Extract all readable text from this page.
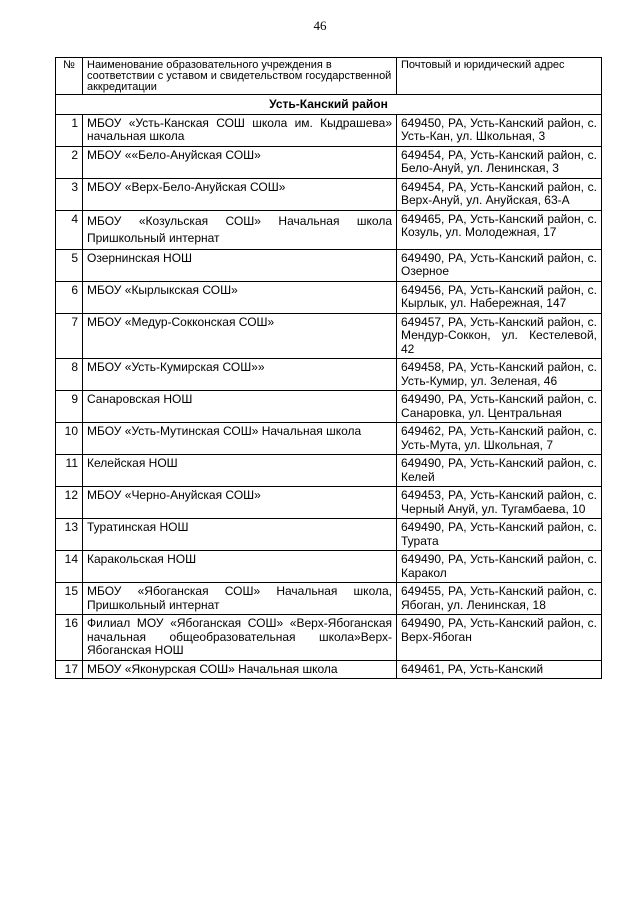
46
№	Наименование образовательного учреждения в соответствии с уставом и свидетельством государственной аккредитации	Почтовый и юридический адрес
Усть-Канский район		
1	МБОУ «Усть-Канская СОШ школа им. Кыдрашева» начальная школа	649450, РА, Усть-Канский район, с. Усть-Кан, ул. Школьная, 3
2	МБОУ ««Бело-Ануйская СОШ»	649454, РА, Усть-Канский район, с. Бело-Ануй, ул. Ленинская, 3
3	МБОУ «Верх-Бело-Ануйская СОШ»	649454, РА, Усть-Канский район, с. Верх-Ануй, ул. Ануйская, 63-А
4	МБОУ «Козульская СОШ» Начальная школа Пришкольный интернат	649465, РА, Усть-Канский район, с. Козуль, ул. Молодежная, 17
5	Озернинская НОШ	649490, РА, Усть-Канский район, с. Озерное
6	МБОУ «Кырлыкская СОШ»	649456, РА, Усть-Канский район, с. Кырлык, ул. Набережная, 147
7	МБОУ «Медур-Сокконская СОШ»	649457, РА, Усть-Канский район, с. Мендур-Соккон, ул. Кестелевой, 42
8	МБОУ «Усть-Кумирская СОШ»»	649458, РА, Усть-Канский район, с. Усть-Кумир, ул. Зеленая, 46
9	Санаровская НОШ	649490, РА, Усть-Канский район, с. Санаровка, ул. Центральная
10	МБОУ «Усть-Мутинская СОШ» Начальная школа	649462, РА, Усть-Канский район, с. Усть-Мута, ул. Школьная, 7
11	Келейская НОШ	649490, РА, Усть-Канский район, с. Келей
12	МБОУ «Черно-Ануйская СОШ»	649453, РА, Усть-Канский район, с. Черный Ануй, ул. Тугамбаева, 10
13	Туратинская НОШ	649490, РА, Усть-Канский район, с. Турата
14	Каракольская НОШ	649490, РА, Усть-Канский район, с. Каракол
15	МБОУ «Ябоганская СОШ» Начальная школа, Пришкольный интернат	649455, РА, Усть-Канский район, с. Ябоган, ул. Ленинская, 18
16	Филиал МОУ «Ябоганская СОШ» «Верх-Ябоганская начальная общеобразовательная школа»Верх-Ябоганская НОШ	649490, РА, Усть-Канский район, с. Верх-Ябоган
17	МБОУ «Яконурская СОШ» Начальная школа	649461, РА, Усть-Канский
